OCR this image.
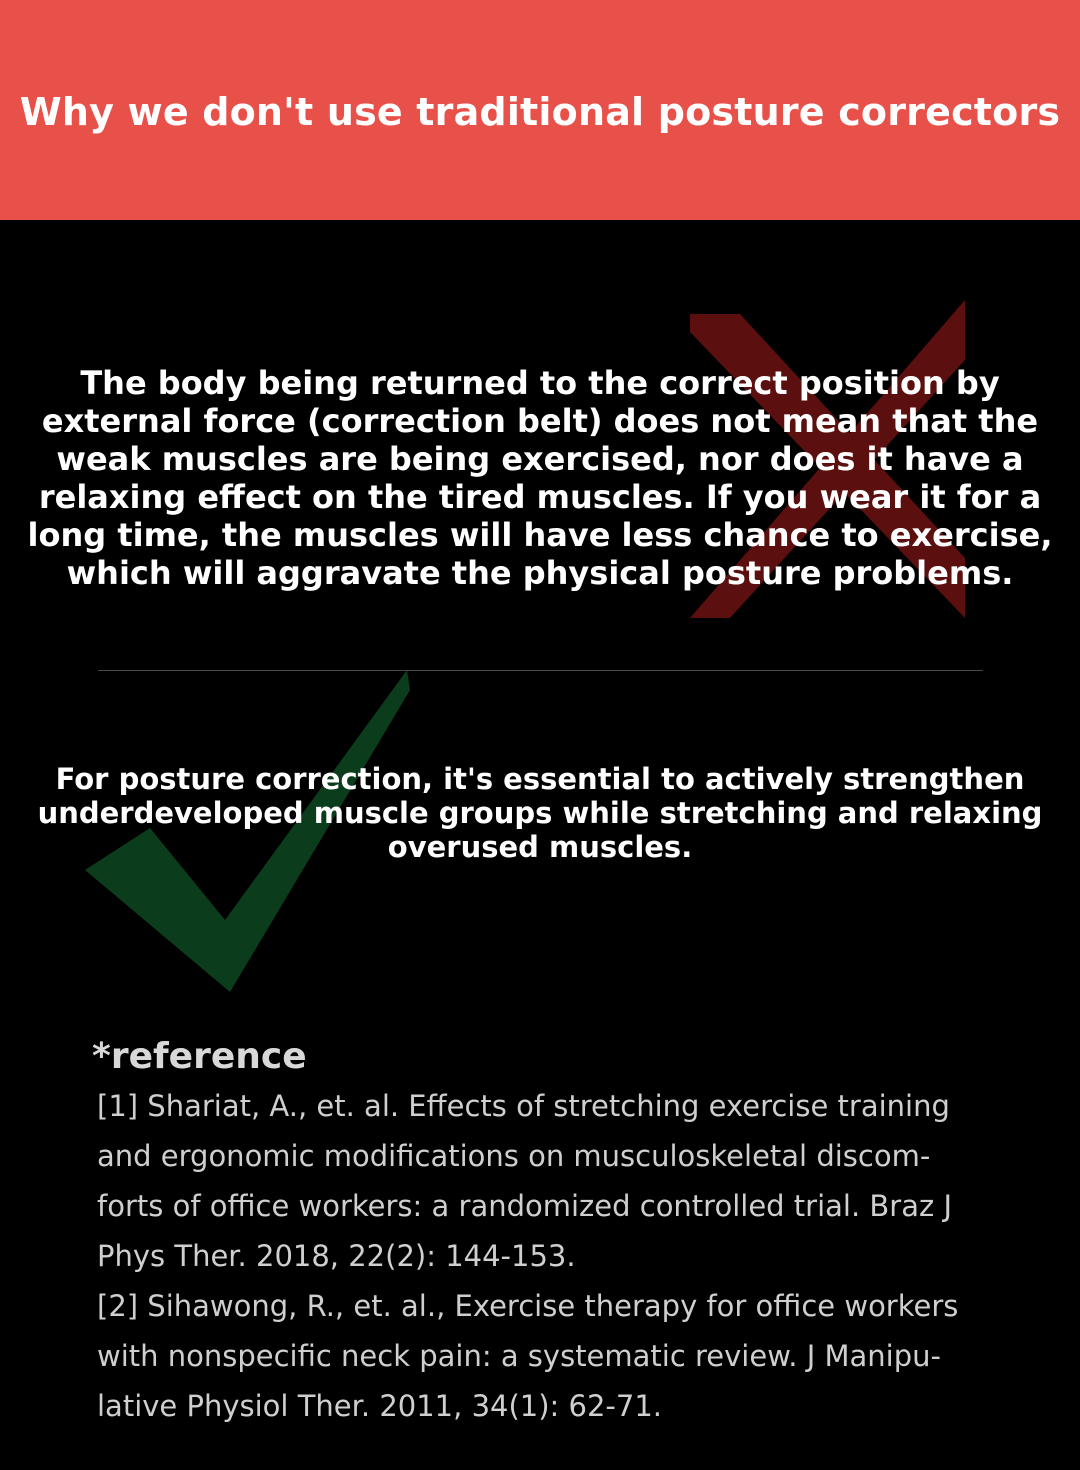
Why we don't use traditional posture correctors
The body being returned to the correct position by
external force (correction belt) does not mean that the
weak muscles are being exercised, nor does it have a
relaxing effect on the tired muscles. If you wear it for a
long time, the muscles will have less chance to exercise,
which will aggravate the physical posture problems.
For posture correction, it's essential to actively strengthen
underdeveloped muscle groups while stretching and relaxing
overused muscles.
*reference
[1] Shariat, A., et. al. Effects of stretching exercise training
and ergonomic modifications on musculoskeletal discom-
forts of office workers: a randomized controlled trial. Braz J
Phys Ther. 2018, 22(2): 144-153.
[2] Sihawong, R., et. al., Exercise therapy for office workers
with nonspecific neck pain: a systematic review. J Manipu-
lative Physiol Ther. 2011, 34(1): 62-71.
